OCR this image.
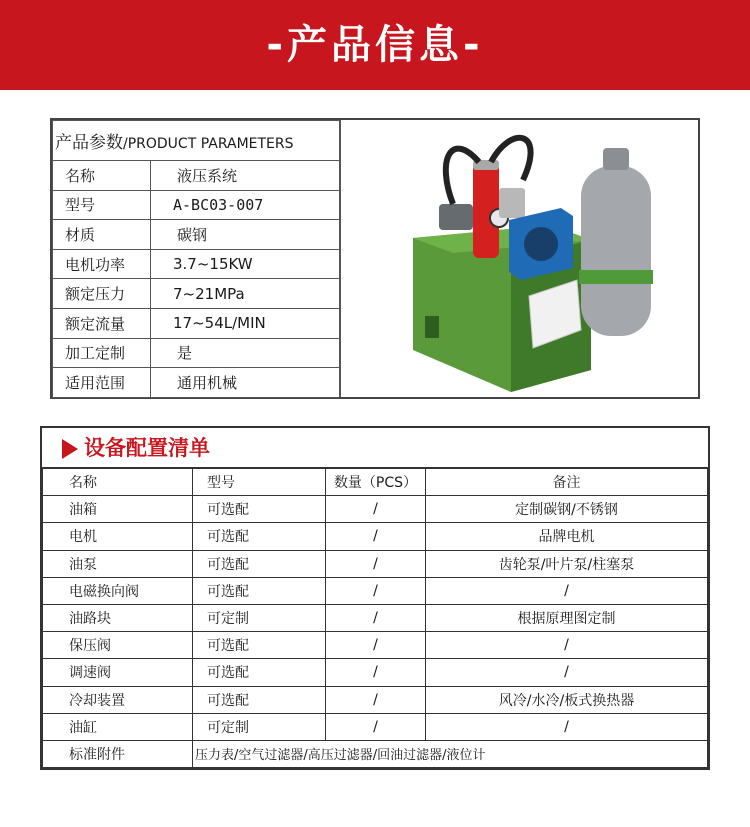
-产品信息-
产品参数/PRODUCT PARAMETERS	
名称	液压系统
型号	A-BC03-007
材质	碳钢
电机功率	3.7~15KW
额定压力	7~21MPa
额定流量	17~54L/MIN
加工定制	是
适用范围	通用机械
设备配置清单
名称	型号	数量（PCS）	备注
油箱	可选配	/	定制碳钢/不锈钢
电机	可选配	/	品牌电机
油泵	可选配	/	齿轮泵/叶片泵/柱塞泵
电磁换向阀	可选配	/	/
油路块	可定制	/	根据原理图定制
保压阀	可选配	/	/
调速阀	可选配	/	/
冷却装置	可选配	/	风冷/水冷/板式换热器
油缸	可定制	/	/
标准附件	压力表/空气过滤器/高压过滤器/回油过滤器/液位计		
